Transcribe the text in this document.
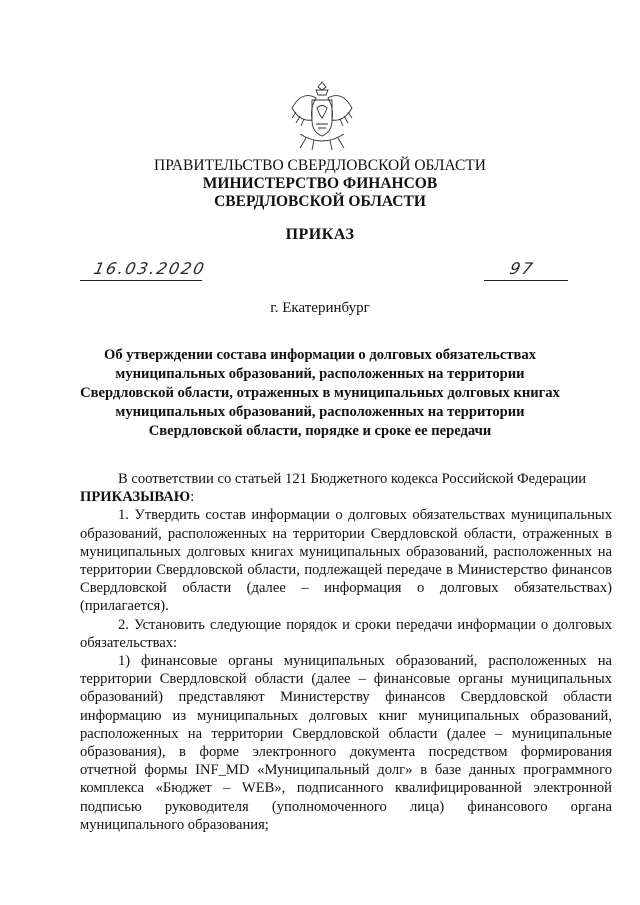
ПРАВИТЕЛЬСТВО СВЕРДЛОВСКОЙ ОБЛАСТИ
МИНИСТЕРСТВО ФИНАНСОВ
СВЕРДЛОВСКОЙ ОБЛАСТИ
ПРИКАЗ
16.03.2020	97
г. Екатеринбург
Об утверждении состава информации о долговых обязательствах
муниципальных образований, расположенных на территории
Свердловской области, отраженных в муниципальных долговых книгах
муниципальных образований, расположенных на территории
Свердловской области, порядке и сроке ее передачи

В соответствии со статьей 121 Бюджетного кодекса Российской Федерации

ПРИКАЗЫВАЮ:

1. Утвердить состав информации о долговых обязательствах муниципальных образований, расположенных на территории Свердловской области, отраженных в муниципальных долговых книгах муниципальных образований, расположенных на территории Свердловской области, подлежащей передаче в Министерство финансов Свердловской области (далее – информация о долговых обязательствах) (прилагается).

2. Установить следующие порядок и сроки передачи информации о долговых обязательствах:

1) финансовые органы муниципальных образований, расположенных на территории Свердловской области (далее – финансовые органы муниципальных образований) представляют Министерству финансов Свердловской области информацию из муниципальных долговых книг муниципальных образований, расположенных на территории Свердловской области (далее – муниципальные образования), в форме электронного документа посредством формирования отчетной формы INF_MD «Муниципальный долг» в базе данных программного комплекса «Бюджет – WEB», подписанного квалифицированной электронной подписью руководителя (уполномоченного лица) финансового органа муниципального образования;
